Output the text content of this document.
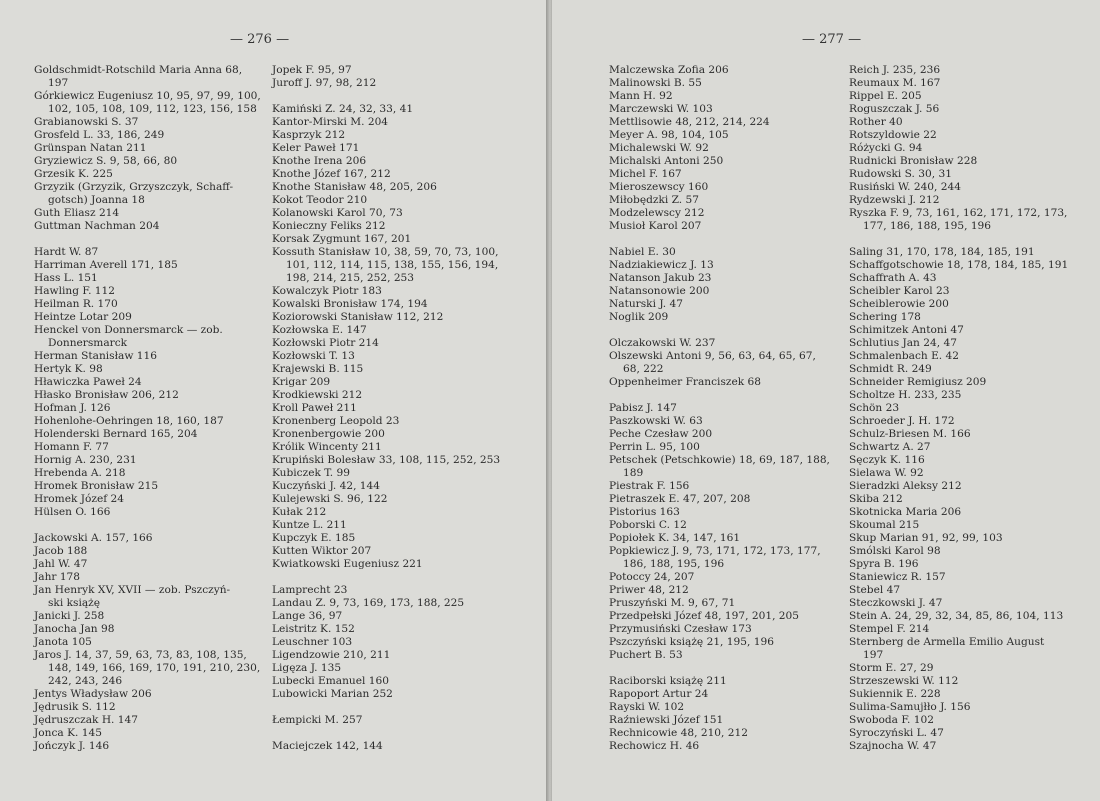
— 276 —
Goldschmidt-Rotschild Maria Anna 68,
197
Górkiewicz Eugeniusz 10, 95, 97, 99, 100,
102, 105, 108, 109, 112, 123, 156, 158
Grabianowski S. 37
Grosfeld L. 33, 186, 249
Grünspan Natan 211
Gryziewicz S. 9, 58, 66, 80
Grzesik K. 225
Grzyzik (Grzyzik, Grzyszczyk, Schaff-
gotsch) Joanna 18
Guth Eliasz 214
Guttman Nachman 204
Hardt W. 87
Harriman Averell 171, 185
Hass L. 151
Hawling F. 112
Heilman R. 170
Heintze Lotar 209
Henckel von Donnersmarck — zob.
Donnersmarck
Herman Stanisław 116
Hertyk K. 98
Hławiczka Paweł 24
Hłasko Bronisław 206, 212
Hofman J. 126
Hohenlohe-Oehringen 18, 160, 187
Holenderski Bernard 165, 204
Homann F. 77
Hornig A. 230, 231
Hrebenda A. 218
Hromek Bronisław 215
Hromek Józef 24
Hülsen O. 166
Jackowski A. 157, 166
Jacob 188
Jahl W. 47
Jahr 178
Jan Henryk XV, XVII — zob. Pszczyń-
ski książę
Janicki J. 258
Janocha Jan 98
Janota 105
Jaros J. 14, 37, 59, 63, 73, 83, 108, 135,
148, 149, 166, 169, 170, 191, 210, 230,
242, 243, 246
Jentys Władysław 206
Jędrusik S. 112
Jędruszczak H. 147
Jonca K. 145
Jończyk J. 146
Jopek F. 95, 97
Juroff J. 97, 98, 212
Kamiński Z. 24, 32, 33, 41
Kantor-Mirski M. 204
Kasprzyk 212
Keler Paweł 171
Knothe Irena 206
Knothe Józef 167, 212
Knothe Stanisław 48, 205, 206
Kokot Teodor 210
Kolanowski Karol 70, 73
Konieczny Feliks 212
Korsak Zygmunt 167, 201
Kossuth Stanisław 10, 38, 59, 70, 73, 100,
101, 112, 114, 115, 138, 155, 156, 194,
198, 214, 215, 252, 253
Kowalczyk Piotr 183
Kowalski Bronisław 174, 194
Koziorowski Stanisław 112, 212
Kozłowska E. 147
Kozłowski Piotr 214
Kozłowski T. 13
Krajewski B. 115
Krigar 209
Krodkiewski 212
Kroll Paweł 211
Kronenberg Leopold 23
Kronenbergowie 200
Królik Wincenty 211
Krupiński Bolesław 33, 108, 115, 252, 253
Kubiczek T. 99
Kuczyński J. 42, 144
Kulejewski S. 96, 122
Kułak 212
Kuntze L. 211
Kupczyk E. 185
Kutten Wiktor 207
Kwiatkowski Eugeniusz 221
Lamprecht 23
Landau Z. 9, 73, 169, 173, 188, 225
Lange 36, 97
Leistritz K. 152
Leuschner 103
Ligendzowie 210, 211
Ligęza J. 135
Lubecki Emanuel 160
Lubowicki Marian 252
Łempicki M. 257
Maciejczek 142, 144
— 277 —
Malczewska Zofia 206
Malinowski B. 55
Mann H. 92
Marczewski W. 103
Mettlisowie 48, 212, 214, 224
Meyer A. 98, 104, 105
Michalewski W. 92
Michalski Antoni 250
Michel F. 167
Mieroszewscy 160
Miłobędzki Z. 57
Modzelewscy 212
Musioł Karol 207
Nabiel E. 30
Nadziakiewicz J. 13
Natanson Jakub 23
Natansonowie 200
Naturski J. 47
Noglik 209
Olczakowski W. 237
Olszewski Antoni 9, 56, 63, 64, 65, 67,
68, 222
Oppenheimer Franciszek 68
Pabisz J. 147
Paszkowski W. 63
Peche Czesław 200
Perrin L. 95, 100
Petschek (Petschkowie) 18, 69, 187, 188,
189
Piestrak F. 156
Pietraszek E. 47, 207, 208
Pistorius 163
Poborski C. 12
Popiołek K. 34, 147, 161
Popkiewicz J. 9, 73, 171, 172, 173, 177,
186, 188, 195, 196
Potoccy 24, 207
Priwer 48, 212
Pruszyński M. 9, 67, 71
Przedpełski Józef 48, 197, 201, 205
Przymusiński Czesław 173
Pszczyński książę 21, 195, 196
Puchert B. 53
Raciborski książę 211
Rapoport Artur 24
Rayski W. 102
Raźniewski Józef 151
Rechnicowie 48, 210, 212
Rechowicz H. 46
Reich J. 235, 236
Reumaux M. 167
Rippel E. 205
Roguszczak J. 56
Rother 40
Rotszyldowie 22
Różycki G. 94
Rudnicki Bronisław 228
Rudowski S. 30, 31
Rusiński W. 240, 244
Rydzewski J. 212
Ryszka F. 9, 73, 161, 162, 171, 172, 173,
177, 186, 188, 195, 196
Saling 31, 170, 178, 184, 185, 191
Schaffgotschowie 18, 178, 184, 185, 191
Schaffrath A. 43
Scheibler Karol 23
Scheiblerowie 200
Schering 178
Schimitzek Antoni 47
Schlutius Jan 24, 47
Schmalenbach E. 42
Schmidt R. 249
Schneider Remigiusz 209
Scholtze H. 233, 235
Schön 23
Schroeder J. H. 172
Schulz-Briesen M. 166
Schwartz A. 27
Sęczyk K. 116
Sielawa W. 92
Sieradzki Aleksy 212
Skiba 212
Skotnicka Maria 206
Skoumal 215
Skup Marian 91, 92, 99, 103
Smólski Karol 98
Spyra B. 196
Staniewicz R. 157
Stebel 47
Steczkowski J. 47
Stein A. 24, 29, 32, 34, 85, 86, 104, 113
Stempel F. 214
Sternberg de Armella Emilio August
197
Storm E. 27, 29
Strzeszewski W. 112
Sukiennik E. 228
Sulima-Samujłło J. 156
Swoboda F. 102
Syroczyński L. 47
Szajnocha W. 47
